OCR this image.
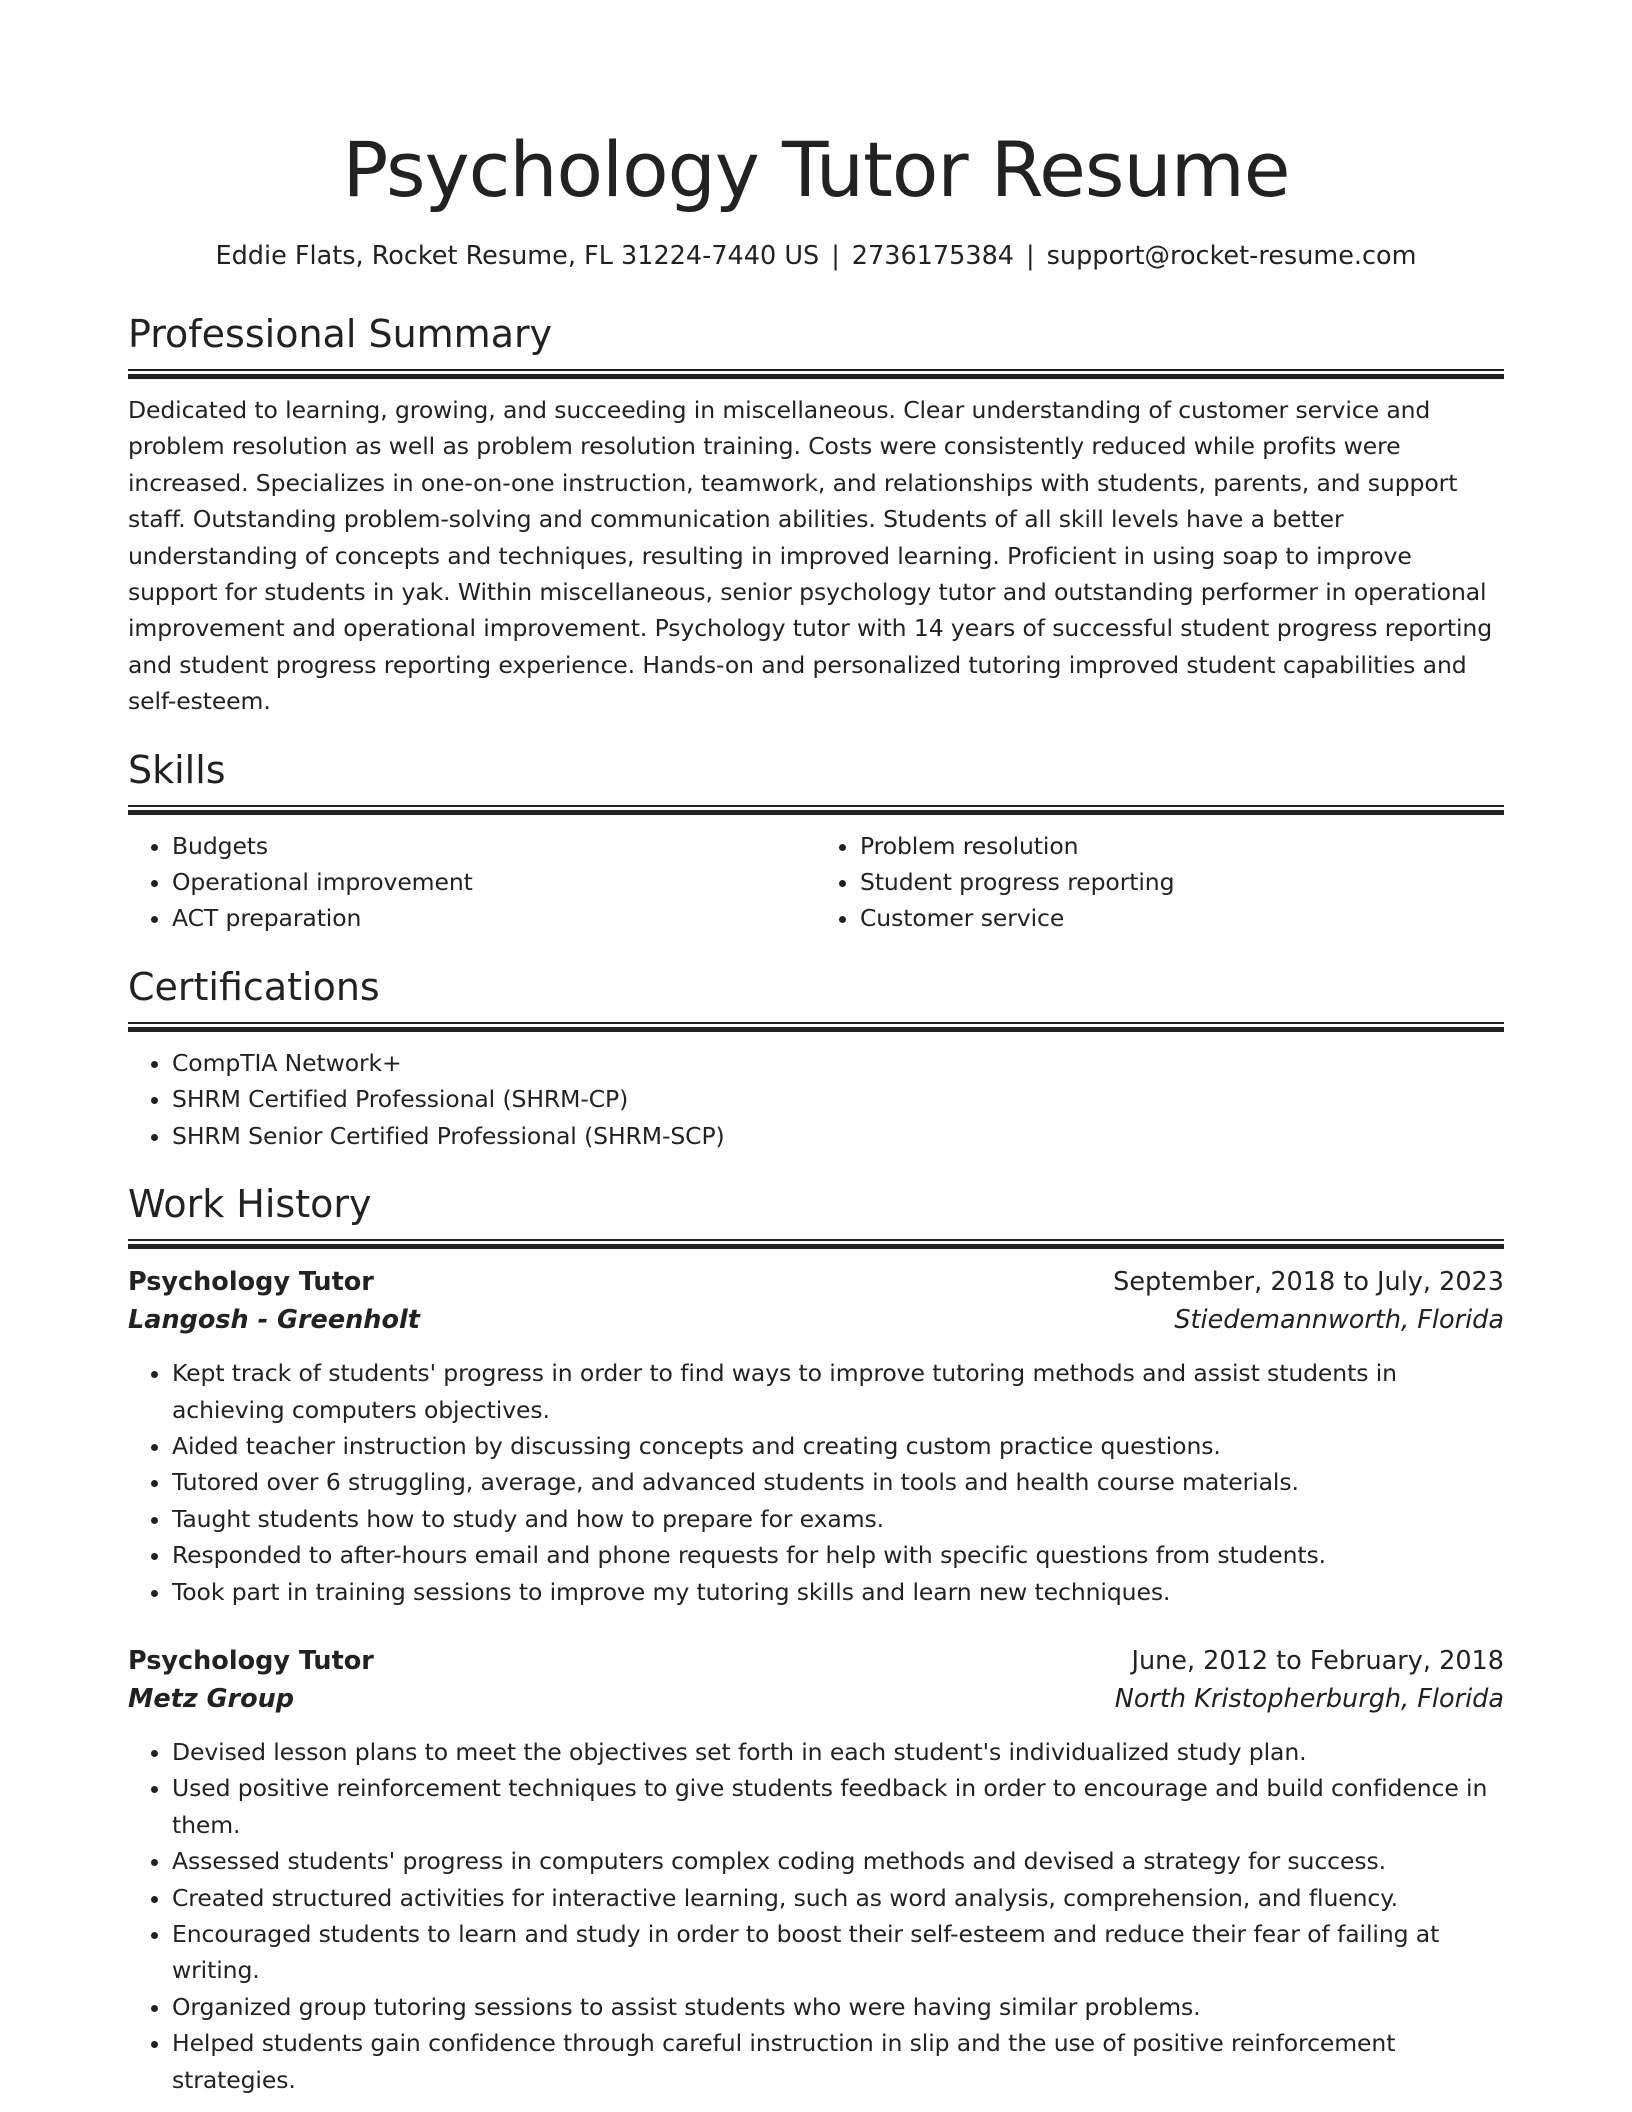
Psychology Tutor Resume
Eddie Flats, Rocket Resume, FL 31224-7440 US | 2736175384 | support@rocket-resume.com
Professional Summary

Dedicated to learning, growing, and succeeding in miscellaneous. Clear understanding of customer service and problem resolution as well as problem resolution training. Costs were consistently reduced while profits were increased. Specializes in one-on-one instruction, teamwork, and relationships with students, parents, and support staff. Outstanding problem-solving and communication abilities. Students of all skill levels have a better understanding of concepts and techniques, resulting in improved learning. Proficient in using soap to improve support for students in yak. Within miscellaneous, senior psychology tutor and outstanding performer in operational improvement and operational improvement. Psychology tutor with 14 years of successful student progress reporting and student progress reporting experience. Hands-on and personalized tutoring improved student capabilities and self-esteem.

Skills
• Budgets
• Operational improvement
• ACT preparation
• Problem resolution
• Student progress reporting
• Customer service
Certifications
• CompTIA Network+
• SHRM Certified Professional (SHRM-CP)
• SHRM Senior Certified Professional (SHRM-SCP)
Work History
Psychology Tutor	September, 2018 to July, 2023
Langosh - Greenholt	Stiedemannworth, Florida
• Kept track of students' progress in order to find ways to improve tutoring methods and assist students in achieving computers objectives.
• Aided teacher instruction by discussing concepts and creating custom practice questions.
• Tutored over 6 struggling, average, and advanced students in tools and health course materials.
• Taught students how to study and how to prepare for exams.
• Responded to after-hours email and phone requests for help with specific questions from students.
• Took part in training sessions to improve my tutoring skills and learn new techniques.
Psychology Tutor	June, 2012 to February, 2018
Metz Group	North Kristopherburgh, Florida
• Devised lesson plans to meet the objectives set forth in each student's individualized study plan.
• Used positive reinforcement techniques to give students feedback in order to encourage and build confidence in them.
• Assessed students' progress in computers complex coding methods and devised a strategy for success.
• Created structured activities for interactive learning, such as word analysis, comprehension, and fluency.
• Encouraged students to learn and study in order to boost their self-esteem and reduce their fear of failing at writing.
• Organized group tutoring sessions to assist students who were having similar problems.
• Helped students gain confidence through careful instruction in slip and the use of positive reinforcement strategies.
